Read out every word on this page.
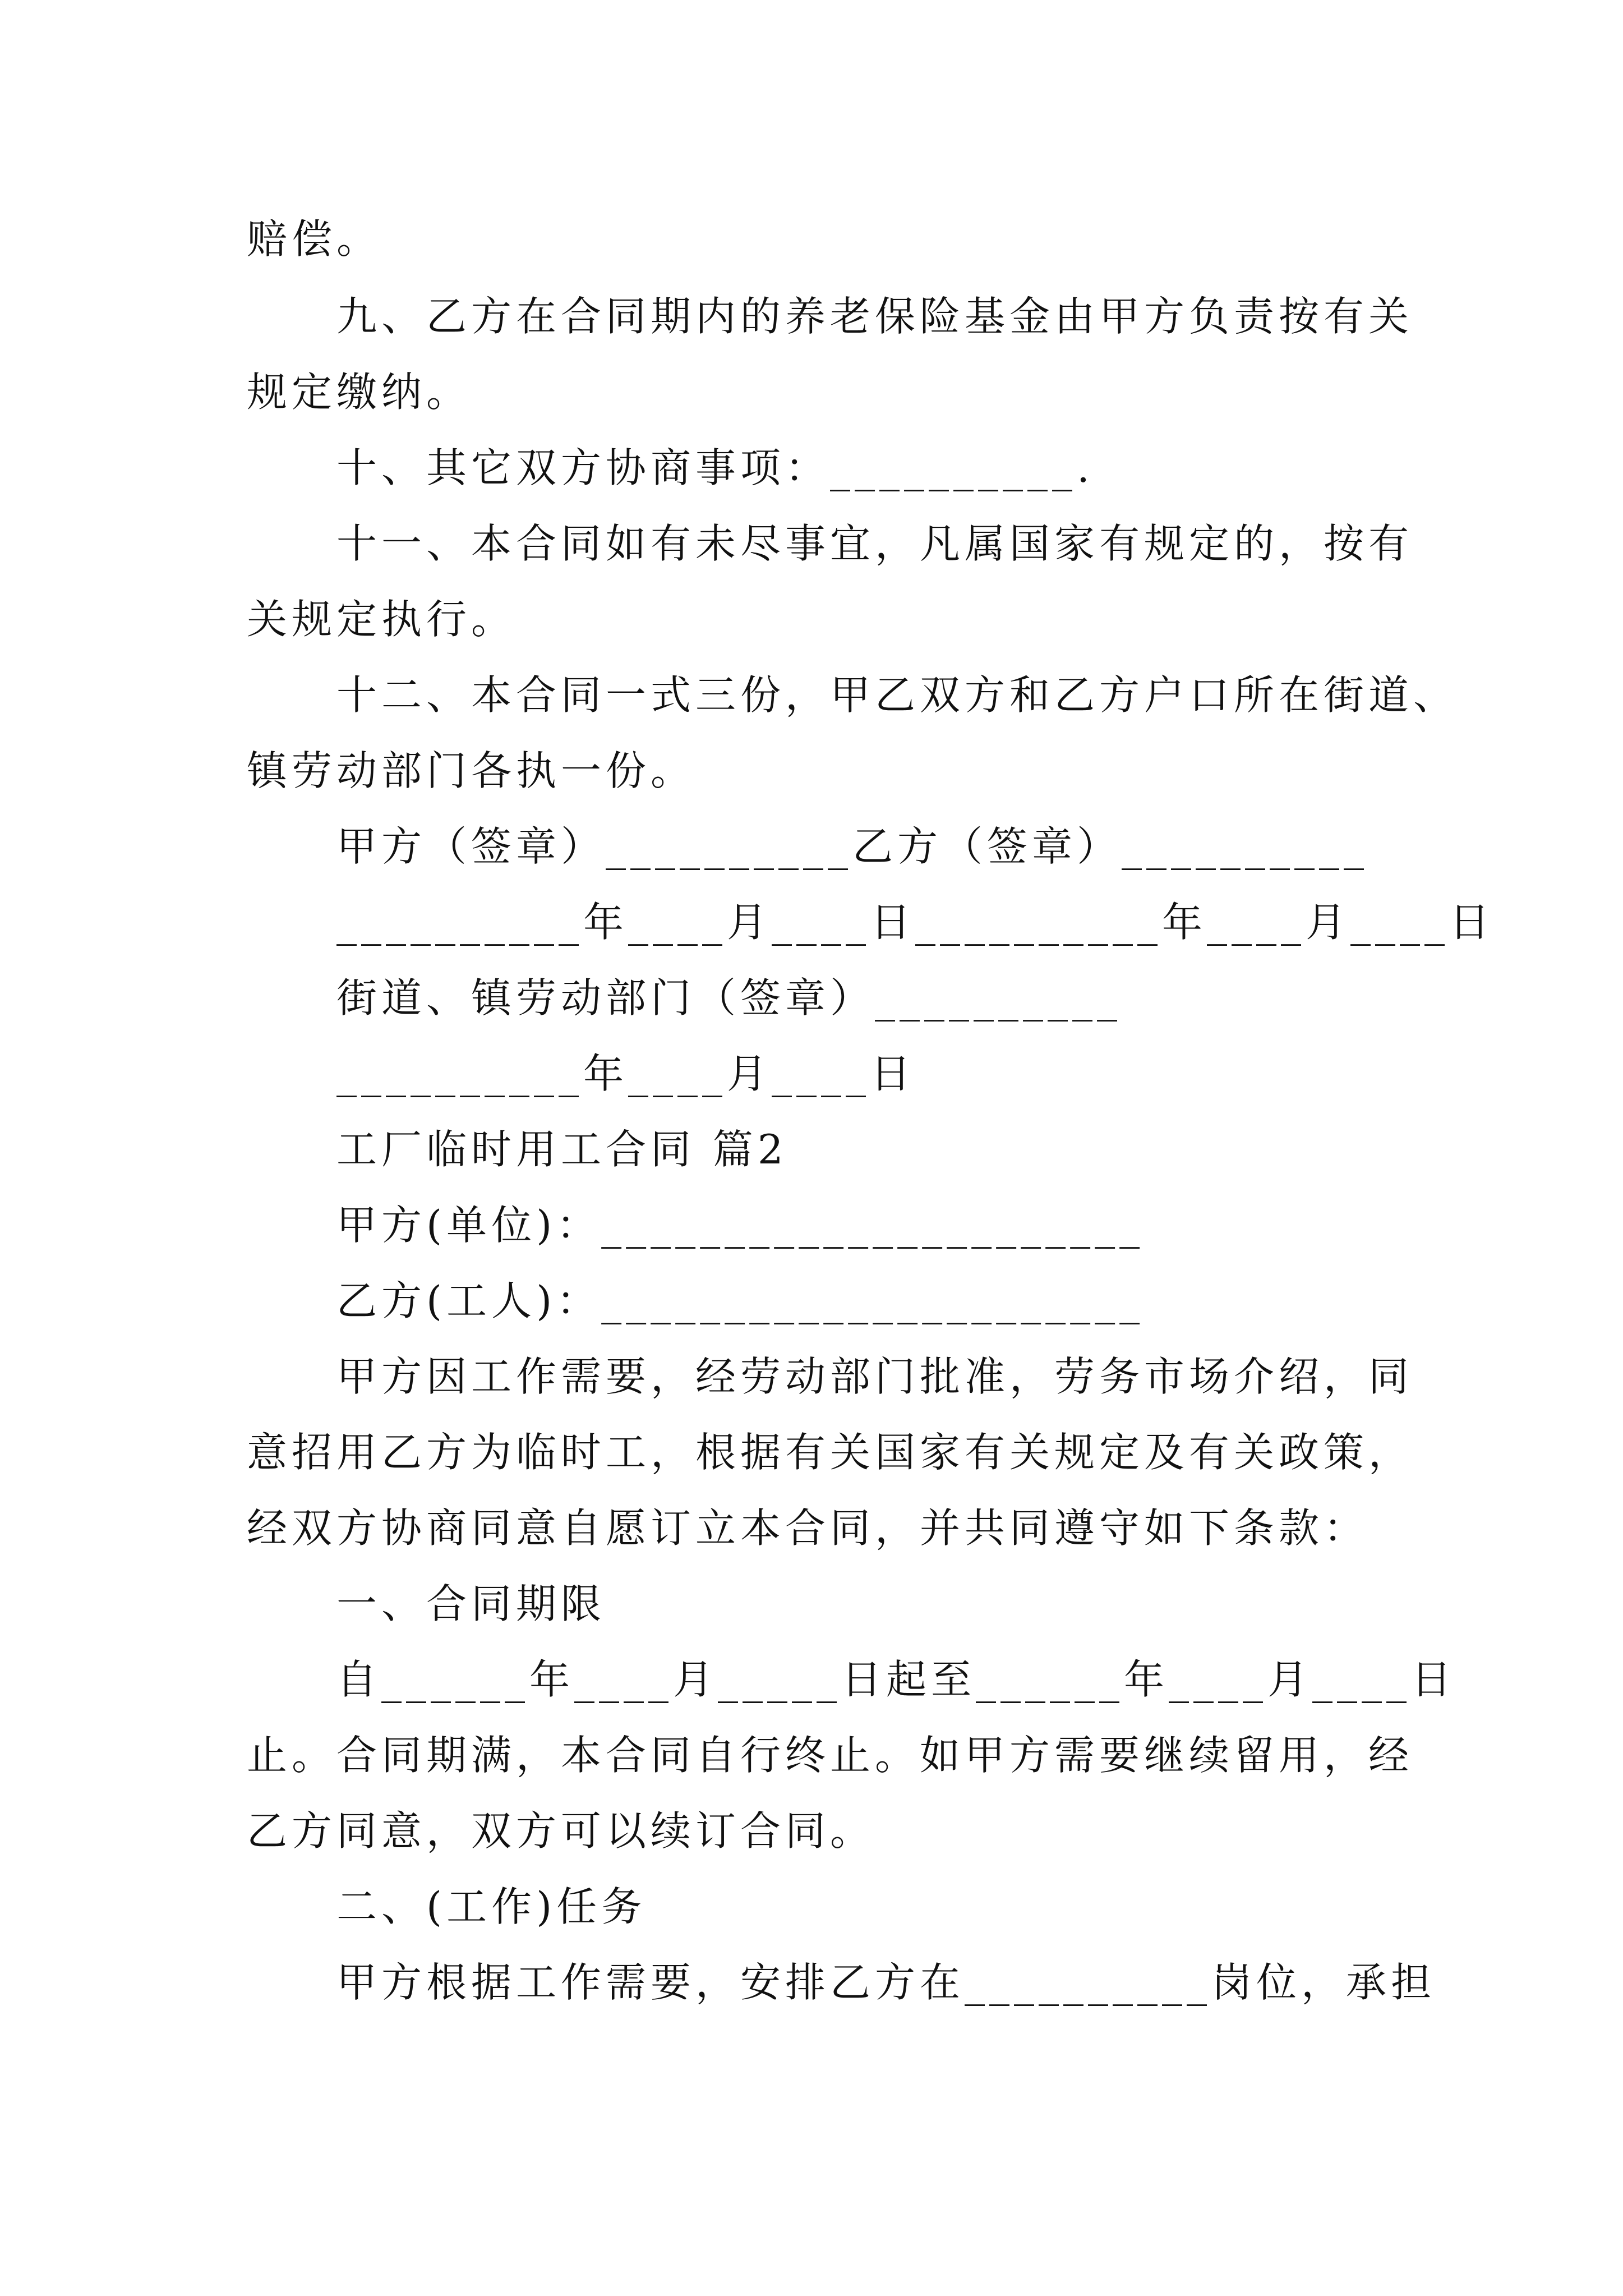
赔偿。
九、乙方在合同期内的养老保险基金由甲方负责按有关
规定缴纳。
十、其它双方协商事项：__________.
十一、本合同如有未尽事宜，凡属国家有规定的，按有
关规定执行。
十二、本合同一式三份，甲乙双方和乙方户口所在街道、
镇劳动部门各执一份。
甲方（签章）__________乙方（签章）__________
__________年____月____日__________年____月____日
街道、镇劳动部门（签章）__________
__________年____月____日
工厂临时用工合同 篇2
甲方(单位)：______________________
乙方(工人)：______________________
甲方因工作需要，经劳动部门批准，劳务市场介绍，同
意招用乙方为临时工，根据有关国家有关规定及有关政策，
经双方协商同意自愿订立本合同，并共同遵守如下条款：
一、合同期限
自______年____月_____日起至______年____月____日
止。合同期满，本合同自行终止。如甲方需要继续留用，经
乙方同意，双方可以续订合同。
二、(工作)任务
甲方根据工作需要，安排乙方在__________岗位，承担
